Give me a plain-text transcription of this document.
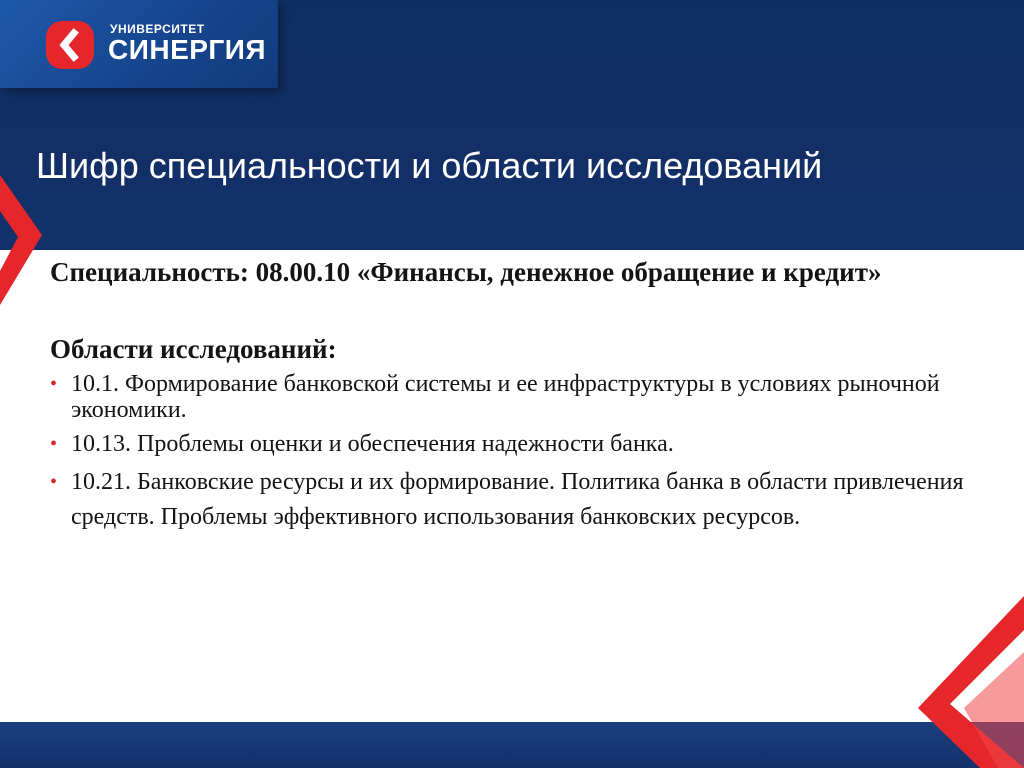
УНИВЕРСИТЕТ
СИНЕРГИЯ
Шифр специальности и области исследований

Специальность: 08.00.10 «Финансы, денежное обращение и кредит»

Области исследований:

• 10.1. Формирование банковской системы и ее инфраструктуры в условиях рыночной экономики.
• 10.13. Проблемы оценки и обеспечения надежности банка.
• 10.21. Банковские ресурсы и их формирование. Политика банка в области привлечения средств. Проблемы эффективного использования банковских ресурсов.
